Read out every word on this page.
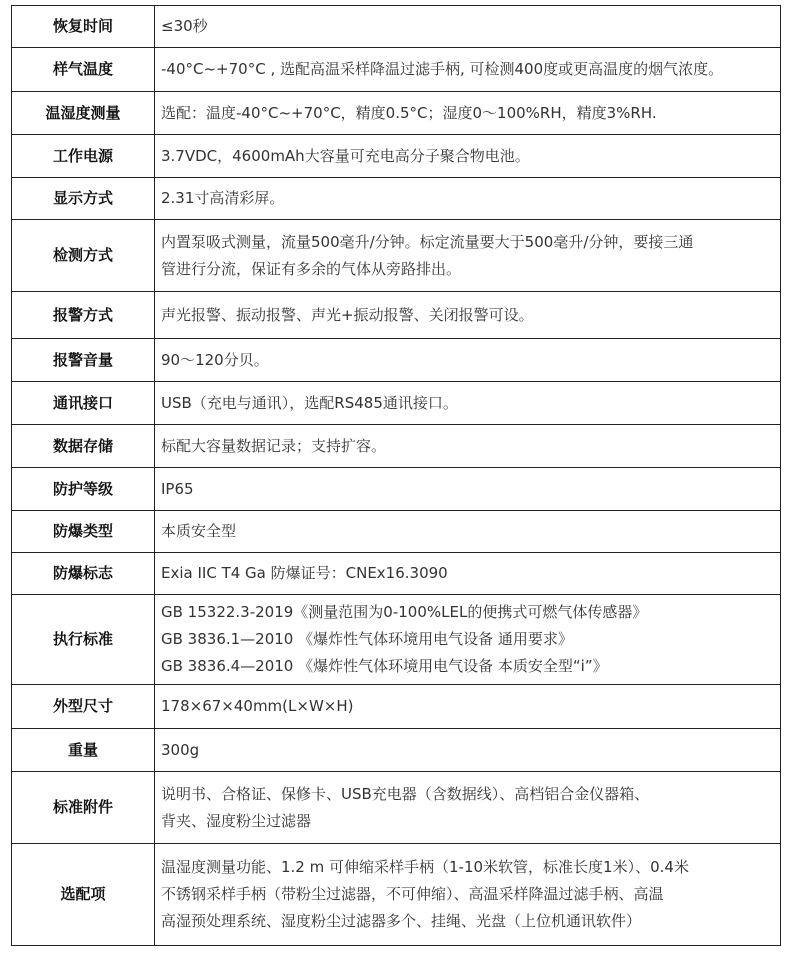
恢复时间	≤30秒

样气温度	-40°C~+70°C , 选配高温采样降温过滤手柄, 可检测400度或更高温度的烟气浓度。

温湿度测量	选配：温度-40°C~+70°C，精度0.5°C；湿度0～100%RH，精度3%RH.

工作电源	3.7VDC，4600mAh大容量可充电高分子聚合物电池。

显示方式	2.31寸高清彩屏。

检测方式	内置泵吸式测量，流量500毫升/分钟。标定流量要大于500毫升/分钟，要接三通
管进行分流，保证有多余的气体从旁路排出。

报警方式	声光报警、振动报警、声光+振动报警、关闭报警可设。

报警音量	90～120分贝。

通讯接口	USB（充电与通讯），选配RS485通讯接口。

数据存储	标配大容量数据记录；支持扩容。

防护等级	IP65

防爆类型	本质安全型

防爆标志	Exia IIC T4 Ga 防爆证号：CNEx16.3090

执行标准	GB 15322.3-2019《测量范围为0-100%LEL的便携式可燃气体传感器》
GB 3836.1—2010 《爆炸性气体环境用电气设备 通用要求》
GB 3836.4—2010 《爆炸性气体环境用电气设备 本质安全型“i”》

外型尺寸	178×67×40mm(L×W×H)

重量	300g

标准附件	说明书、合格证、保修卡、USB充电器（含数据线）、高档铝合金仪器箱、
背夹、湿度粉尘过滤器

选配项	温湿度测量功能、1.2 m 可伸缩采样手柄（1-10米软管，标准长度1米）、0.4米
不锈钢采样手柄（带粉尘过滤器，不可伸缩）、高温采样降温过滤手柄、高温
高湿预处理系统、湿度粉尘过滤器多个、挂绳、光盘（上位机通讯软件）
